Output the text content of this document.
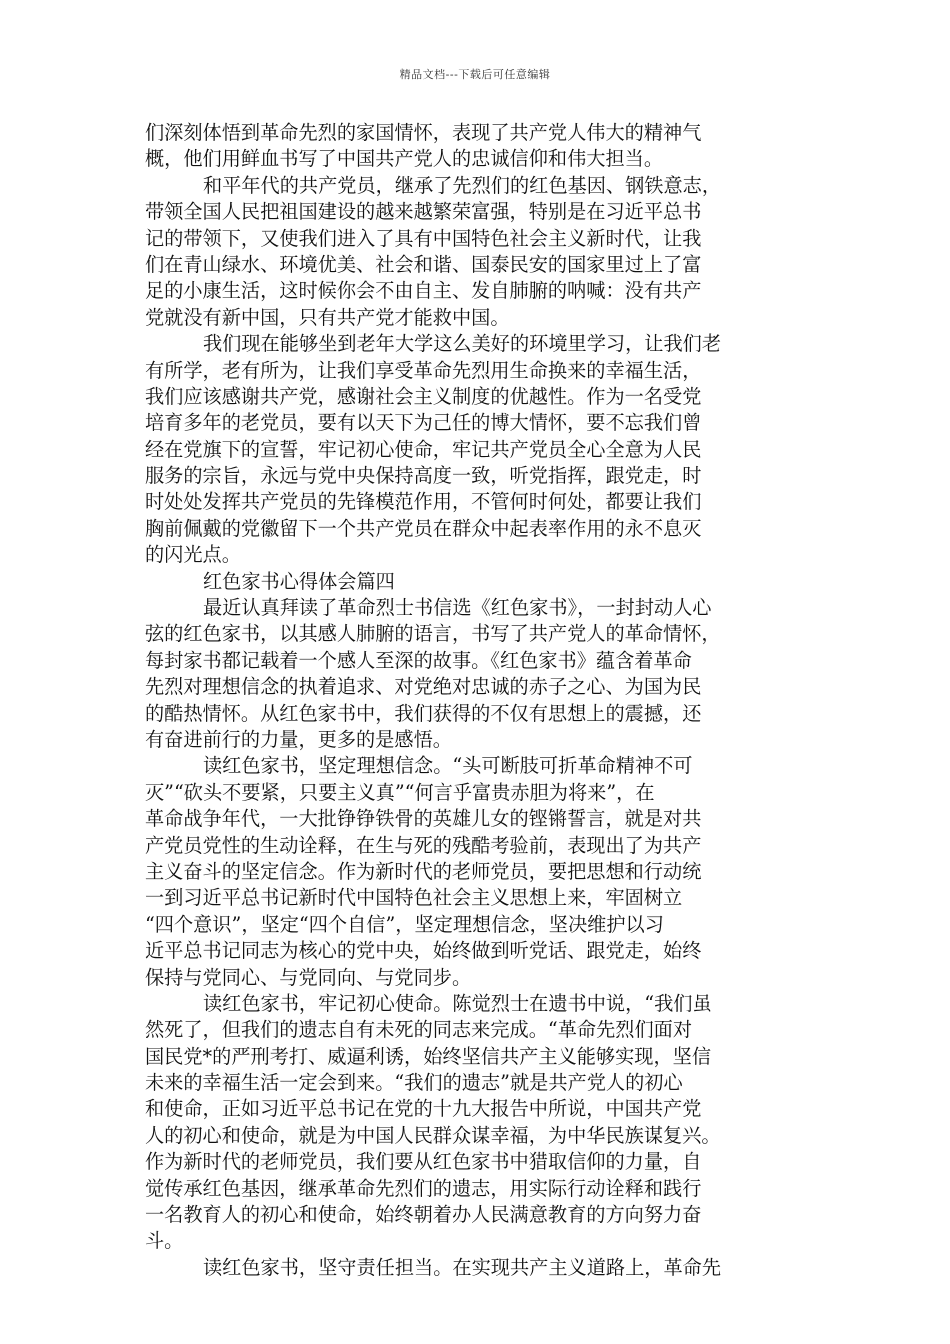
精品文档---下载后可任意编辑
们深刻体悟到革命先烈的家国情怀，表现了共产党人伟大的精神气
概，他们用鲜血书写了中国共产党人的忠诚信仰和伟大担当。
和平年代的共产党员，继承了先烈们的红色基因、钢铁意志，
带领全国人民把祖国建设的越来越繁荣富强，特别是在习近平总书
记的带领下，又使我们进入了具有中国特色社会主义新时代，让我
们在青山绿水、环境优美、社会和谐、国泰民安的国家里过上了富
足的小康生活，这时候你会不由自主、发自肺腑的呐喊：没有共产
党就没有新中国，只有共产党才能救中国。
我们现在能够坐到老年大学这么美好的环境里学习，让我们老
有所学，老有所为，让我们享受革命先烈用生命换来的幸福生活，
我们应该感谢共产党，感谢社会主义制度的优越性。作为一名受党
培育多年的老党员，要有以天下为己任的博大情怀，要不忘我们曾
经在党旗下的宣誓，牢记初心使命，牢记共产党员全心全意为人民
服务的宗旨，永远与党中央保持高度一致，听党指挥，跟党走，时
时处处发挥共产党员的先锋模范作用，不管何时何处，都要让我们
胸前佩戴的党徽留下一个共产党员在群众中起表率作用的永不息灭
的闪光点。
红色家书心得体会篇四
最近认真拜读了革命烈士书信选《红色家书》，一封封动人心
弦的红色家书，以其感人肺腑的语言，书写了共产党人的革命情怀，
每封家书都记载着一个感人至深的故事。《红色家书》蕴含着革命
先烈对理想信念的执着追求、对党绝对忠诚的赤子之心、为国为民
的酷热情怀。从红色家书中，我们获得的不仅有思想上的震撼，还
有奋进前行的力量，更多的是感悟。
读红色家书，坚定理想信念。“头可断肢可折革命精神不可
灭”“砍头不要紧，只要主义真”“何言乎富贵赤胆为将来”，在
革命战争年代，一大批铮铮铁骨的英雄儿女的铿锵誓言，就是对共
产党员党性的生动诠释，在生与死的残酷考验前，表现出了为共产
主义奋斗的坚定信念。作为新时代的老师党员，要把思想和行动统
一到习近平总书记新时代中国特色社会主义思想上来，牢固树立
“四个意识”，坚定“四个自信”，坚定理想信念，坚决维护以习
近平总书记同志为核心的党中央，始终做到听党话、跟党走，始终
保持与党同心、与党同向、与党同步。
读红色家书，牢记初心使命。陈觉烈士在遗书中说，“我们虽
然死了，但我们的遗志自有未死的同志来完成。“革命先烈们面对
国民党*的严刑考打、威逼利诱，始终坚信共产主义能够实现，坚信
未来的幸福生活一定会到来。“我们的遗志”就是共产党人的初心
和使命，正如习近平总书记在党的十九大报告中所说，中国共产党
人的初心和使命，就是为中国人民群众谋幸福，为中华民族谋复兴。
作为新时代的老师党员，我们要从红色家书中猎取信仰的力量，自
觉传承红色基因，继承革命先烈们的遗志，用实际行动诠释和践行
一名教育人的初心和使命，始终朝着办人民满意教育的方向努力奋
斗。
读红色家书，坚守责任担当。在实现共产主义道路上，革命先
